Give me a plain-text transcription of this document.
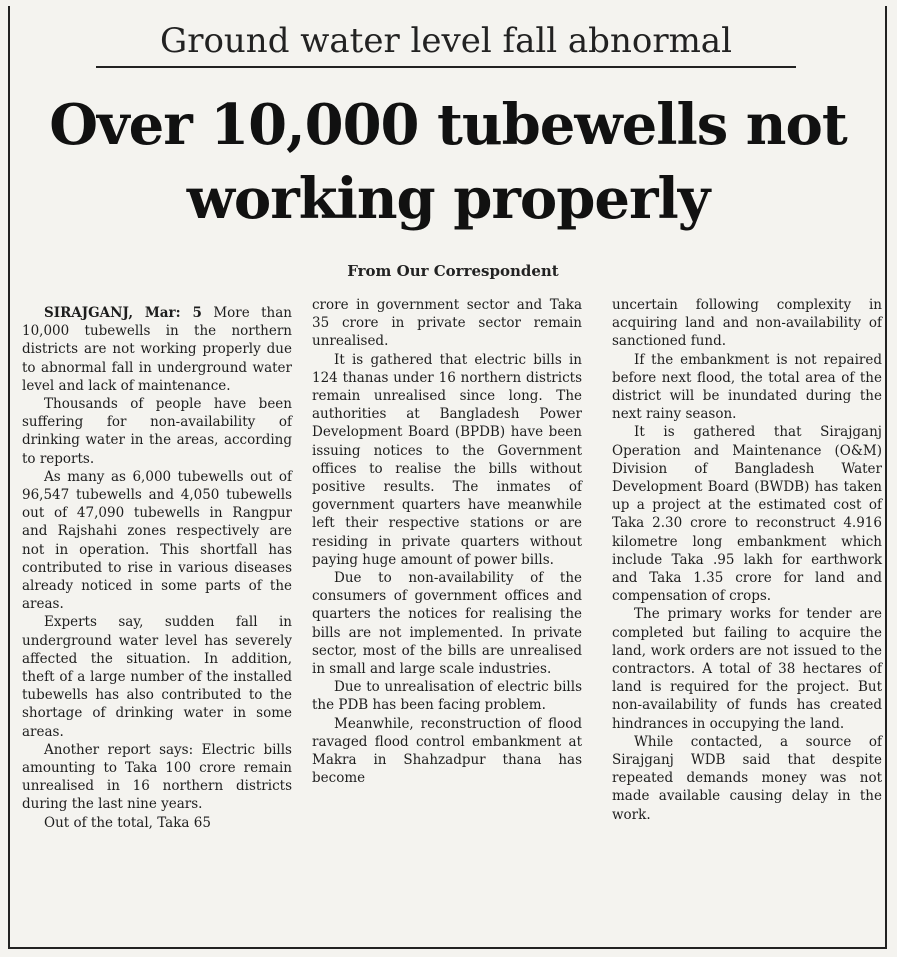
Ground water level fall abnormal
Over 10,000 tubewells not working properly
From Our Correspondent

SIRAJGANJ, Mar: 5 More than 10,000 tubewells in the northern districts are not working properly due to abnormal fall in underground water level and lack of maintenance.

Thousands of people have been suffering for non-availability of drinking water in the areas, according to reports.

As many as 6,000 tubewells out of 96,547 tubewells and 4,050 tubewells out of 47,090 tubewells in Rangpur and Rajshahi zones respectively are not in operation. This shortfall has contributed to rise in various diseases already noticed in some parts of the areas.

Experts say, sudden fall in underground water level has severely affected the situation. In addition, theft of a large number of the installed tubewells has also contributed to the shortage of drinking water in some areas.

Another report says: Electric bills amounting to Taka 100 crore remain unrealised in 16 northern districts during the last nine years.

Out of the total, Taka 65

crore in government sector and Taka 35 crore in private sector remain unrealised.

It is gathered that electric bills in 124 thanas under 16 northern districts remain unrealised since long. The authorities at Bangladesh Power Development Board (BPDB) have been issuing notices to the Government offices to realise the bills without positive results. The inmates of government quarters have meanwhile left their respective stations or are residing in private quarters without paying huge amount of power bills.

Due to non-availability of the consumers of government offices and quarters the notices for realising the bills are not implemented. In private sector, most of the bills are unrealised in small and large scale industries.

Due to unrealisation of electric bills the PDB has been facing problem.

Meanwhile, reconstruction of flood ravaged flood control embankment at Makra in Shahzadpur thana has become

uncertain following complexity in acquiring land and non-availability of sanctioned fund.

If the embankment is not repaired before next flood, the total area of the district will be inundated during the next rainy season.

It is gathered that Sirajganj Operation and Maintenance (O&M) Division of Bangladesh Water Development Board (BWDB) has taken up a project at the estimated cost of Taka 2.30 crore to reconstruct 4.916 kilometre long embankment which include Taka .95 lakh for earthwork and Taka 1.35 crore for land and compensation of crops.

The primary works for tender are completed but failing to acquire the land, work orders are not issued to the contractors. A total of 38 hectares of land is required for the project. But non-availability of funds has created hindrances in occupying the land.

While contacted, a source of Sirajganj WDB said that despite repeated demands money was not made available causing delay in the work.
